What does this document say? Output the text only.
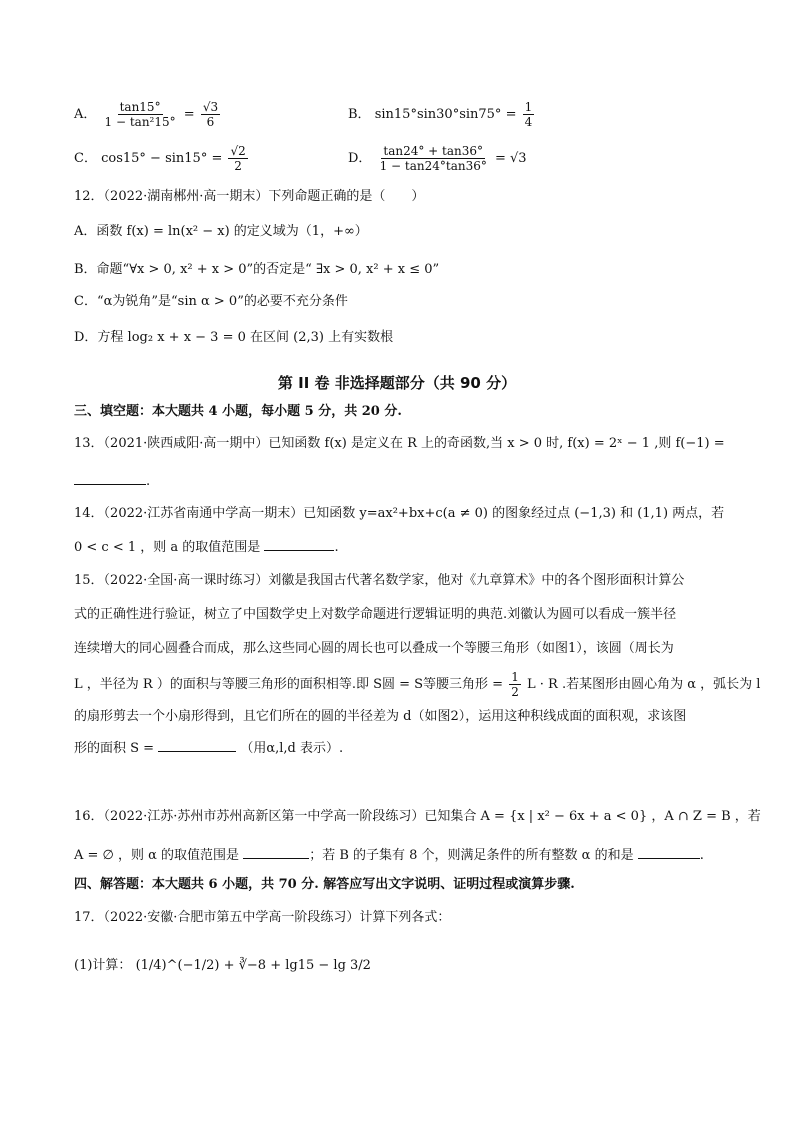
A． $\frac{\tan 15^\circ}{\text{1 − tan²15°}} = \frac{√3}{6}$	B． $\sin 15^\circ\sin 30^\circ\sin 75^\circ = \frac{1}{4}$
C． $\cos 15^\circ - \sin 15^\circ = \frac{√2}{2}$	D． $\frac{\tan 24^\circ + \tan 36^\circ}{1 - \tan 24^\circ\tan 36^\circ} = √3$
12．（2022·湖南郴州·高一期末）下列命题正确的是（　　）
A．函数 f(x) = ln(x² − x) 的定义域为（1，+∞）
B．命题“∀x > 0, x² + x > 0”的否定是“ ∃x > 0, x² + x ≤ 0”
C．“α为锐角”是“sin α > 0”的必要不充分条件
D．方程 log₂ x + x − 3 = 0 在区间 (2,3) 上有实数根
第 II 卷 非选择题部分（共 90 分）
三、填空题：本大题共 4 小题，每小题 5 分，共 20 分.
13．（2021·陕西咸阳·高一期中）已知函数 f(x) 是定义在 R 上的奇函数,当 x > 0 时, f(x) = 2ˣ − 1 ,则 f(−1) =
.
14．（2022·江苏省南通中学高一期末）已知函数 y=ax²+bx+c(a ≠ 0) 的图象经过点 (−1,3) 和 (1,1) 两点，若
0 < c < 1 ，则 a 的取值范围是	.
15．（2022·全国·高一课时练习）刘徽是我国古代著名数学家，他对《九章算术》中的各个图形面积计算公
式的正确性进行验证，树立了中国数学史上对数学命题进行逻辑证明的典范.刘徽认为圆可以看成一簇半径
连续增大的同心圆叠合而成，那么这些同心圆的周长也可以叠成一个等腰三角形（如图1），该圆（周长为
L ，半径为 R ）的面积与等腰三角形的面积相等.即 S圆 = S等腰三角形 = $\frac{1}{2}$ L · R .若某图形由圆心角为 α ，弧长为 l
的扇形剪去一个小扇形得到，且它们所在的圆的半径差为 d（如图2），运用这种积线成面的面积观，求该图
形的面积 S =	（用α,l,d 表示）.
16．（2022·江苏·苏州市苏州高新区第一中学高一阶段练习）已知集合 A = {x | x² − 6x + a < 0} ，A ∩ Z = B ，若
A = ∅ ，则 α 的取值范围是	；若 B 的子集有 8 个，则满足条件的所有整数 α 的和是	.
四、解答题：本大题共 6 小题，共 70 分. 解答应写出文字说明、证明过程或演算步骤.
17．（2022·安徽·合肥市第五中学高一阶段练习）计算下列各式：
(1)计算： (1/4)^(−1/2) + ∛−8 + lg15 − lg 3/2
